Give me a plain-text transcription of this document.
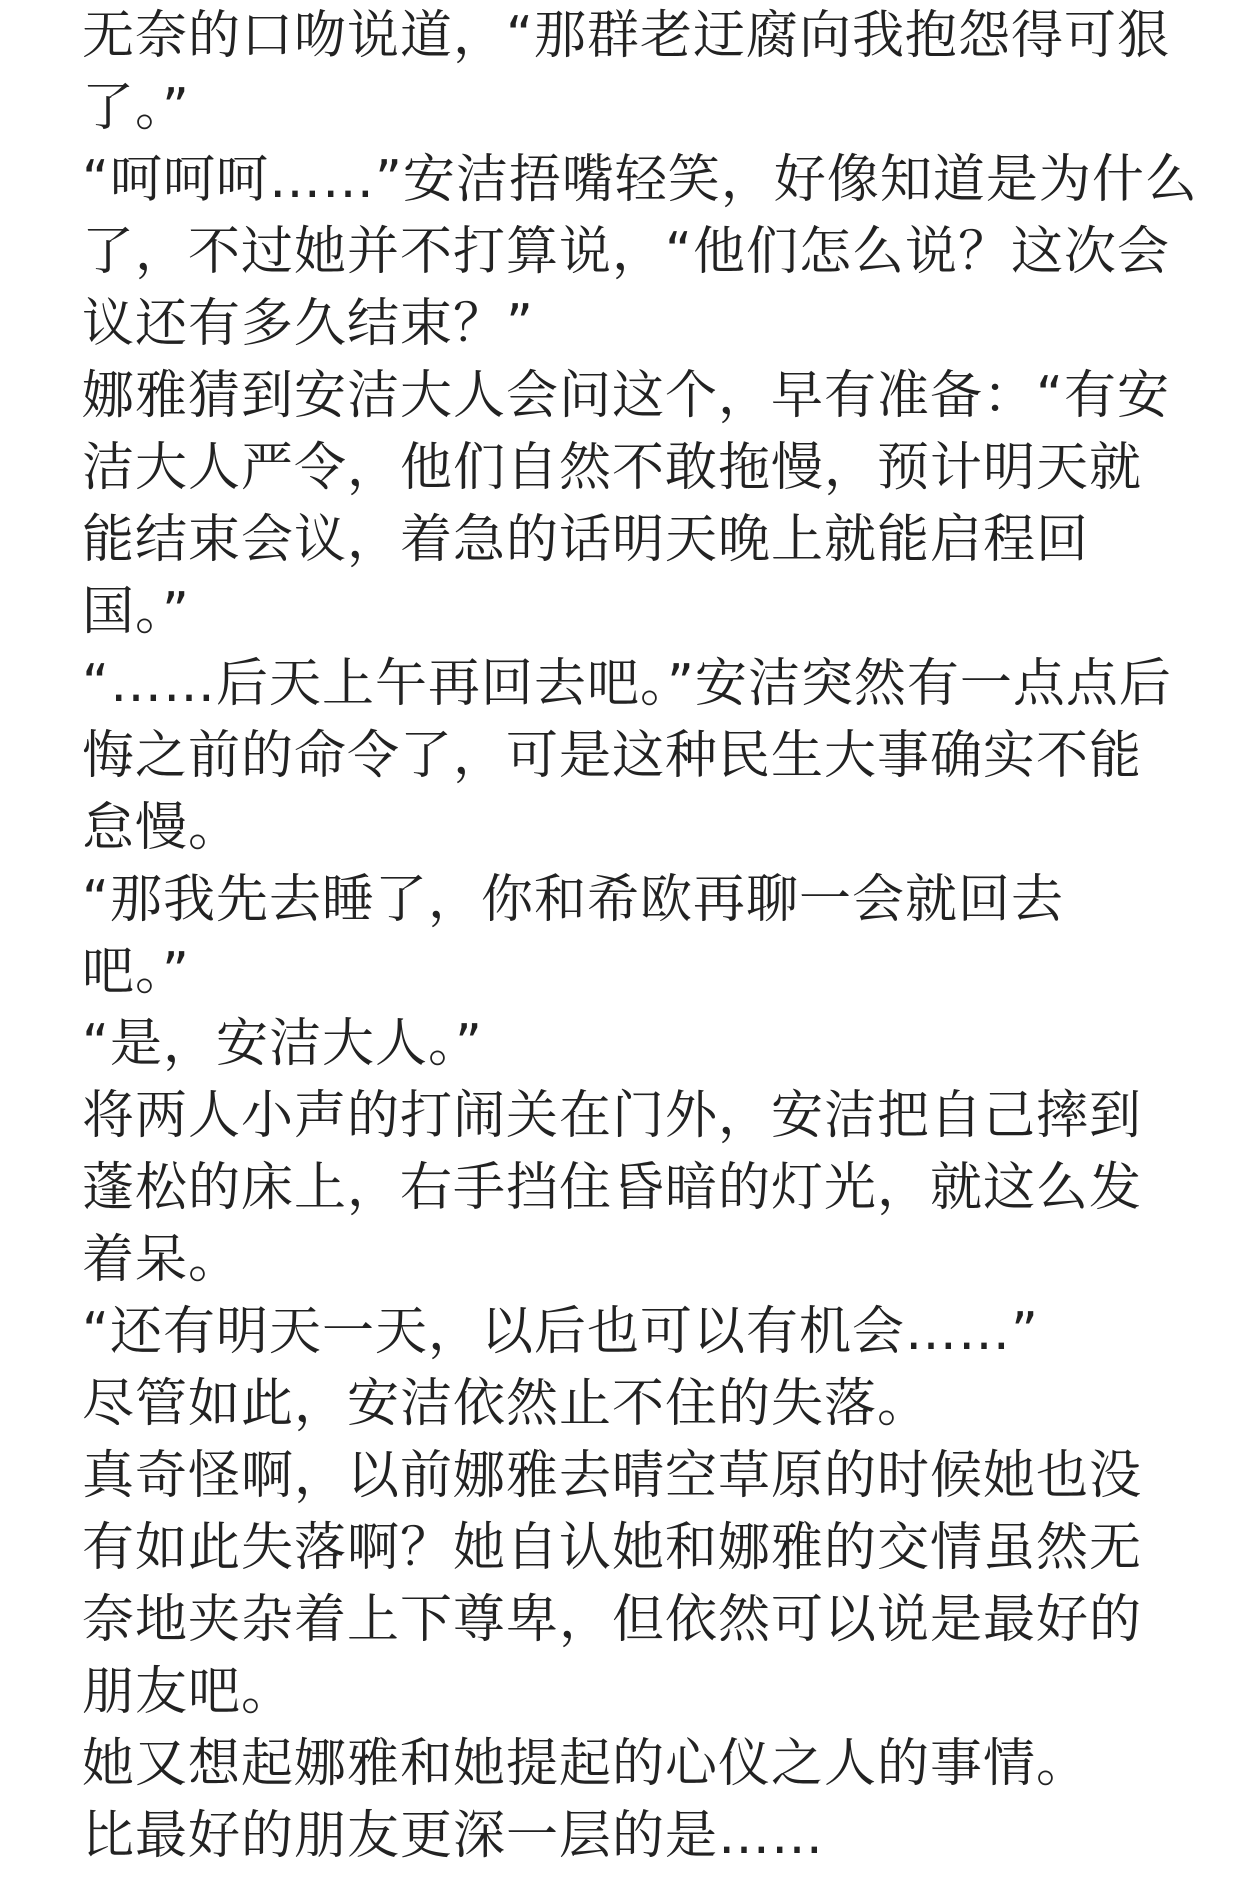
无奈的口吻说道，“那群老迂腐向我抱怨得可狠
了。”
“呵呵呵……”安洁捂嘴轻笑，好像知道是为什么
了，不过她并不打算说，“他们怎么说？这次会
议还有多久结束？”
娜雅猜到安洁大人会问这个，早有准备：“有安
洁大人严令，他们自然不敢拖慢，预计明天就
能结束会议，着急的话明天晚上就能启程回
国。”
“……后天上午再回去吧。”安洁突然有一点点后
悔之前的命令了，可是这种民生大事确实不能
怠慢。
“那我先去睡了，你和希欧再聊一会就回去
吧。”
“是，安洁大人。”
将两人小声的打闹关在门外，安洁把自己摔到
蓬松的床上，右手挡住昏暗的灯光，就这么发
着呆。
“还有明天一天，以后也可以有机会……”
尽管如此，安洁依然止不住的失落。
真奇怪啊，以前娜雅去晴空草原的时候她也没
有如此失落啊？她自认她和娜雅的交情虽然无
奈地夹杂着上下尊卑，但依然可以说是最好的
朋友吧。
她又想起娜雅和她提起的心仪之人的事情。
比最好的朋友更深一层的是……
